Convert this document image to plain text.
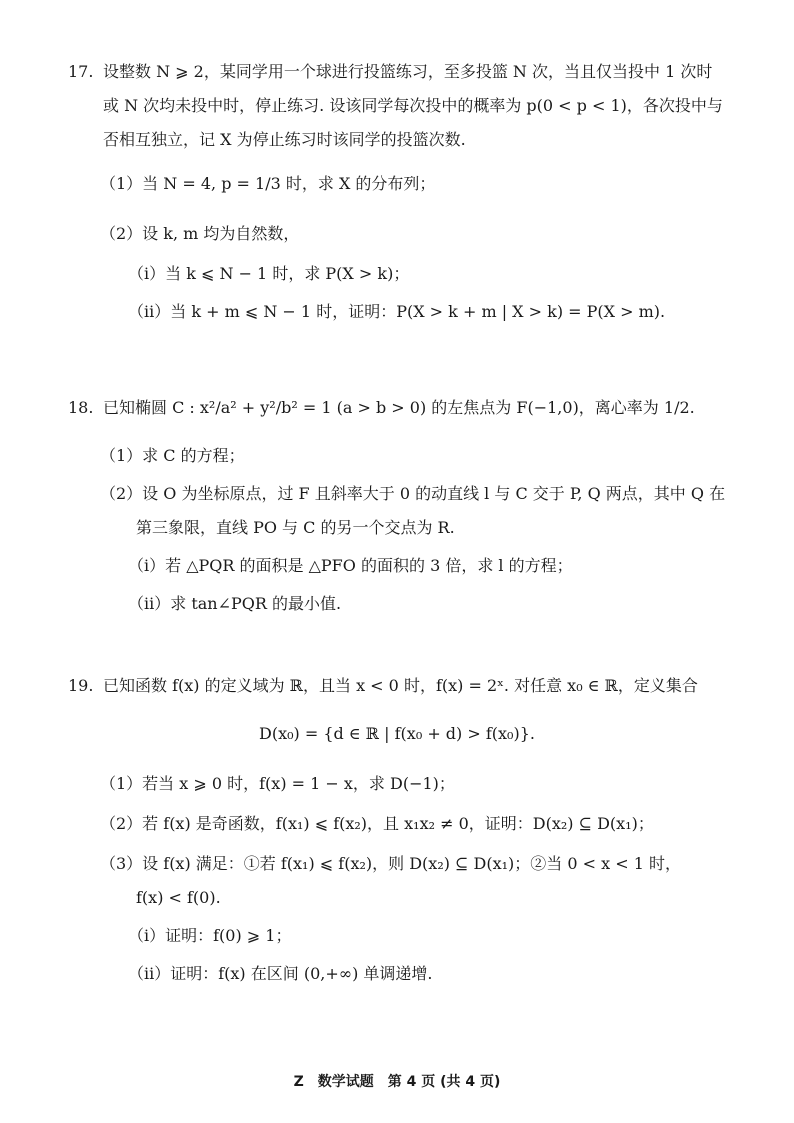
17. 设整数 N ⩾ 2，某同学用一个球进行投篮练习，至多投篮 N 次，当且仅当投中 1 次时
或 N 次均未投中时，停止练习. 设该同学每次投中的概率为 p(0 < p < 1)，各次投中与
否相互独立，记 X 为停止练习时该同学的投篮次数.
（1）当 N = 4, p = 1/3 时，求 X 的分布列；
（2）设 k, m 均为自然数，
（i）当 k ⩽ N − 1 时，求 P(X > k)；
（ii）当 k + m ⩽ N − 1 时，证明：P(X > k + m | X > k) = P(X > m).
18. 已知椭圆 C : x²/a² + y²/b² = 1 (a > b > 0) 的左焦点为 F(−1,0)，离心率为 1/2.
（1）求 C 的方程；
（2）设 O 为坐标原点，过 F 且斜率大于 0 的动直线 l 与 C 交于 P, Q 两点，其中 Q 在
第三象限，直线 PO 与 C 的另一个交点为 R.
（i）若 △PQR 的面积是 △PFO 的面积的 3 倍，求 l 的方程；
（ii）求 tan∠PQR 的最小值.
19. 已知函数 f(x) 的定义域为 ℝ，且当 x < 0 时，f(x) = 2ˣ. 对任意 x₀ ∈ ℝ，定义集合
D(x₀) = {d ∈ ℝ | f(x₀ + d) > f(x₀)}.
（1）若当 x ⩾ 0 时，f(x) = 1 − x，求 D(−1)；
（2）若 f(x) 是奇函数，f(x₁) ⩽ f(x₂)，且 x₁x₂ ≠ 0，证明：D(x₂) ⊆ D(x₁)；
（3）设 f(x) 满足：①若 f(x₁) ⩽ f(x₂)，则 D(x₂) ⊆ D(x₁)；②当 0 < x < 1 时，
f(x) < f(0).
（i）证明：f(0) ⩾ 1；
（ii）证明：f(x) 在区间 (0,+∞) 单调递增.
Z　数学试题　第 4 页 (共 4 页)
